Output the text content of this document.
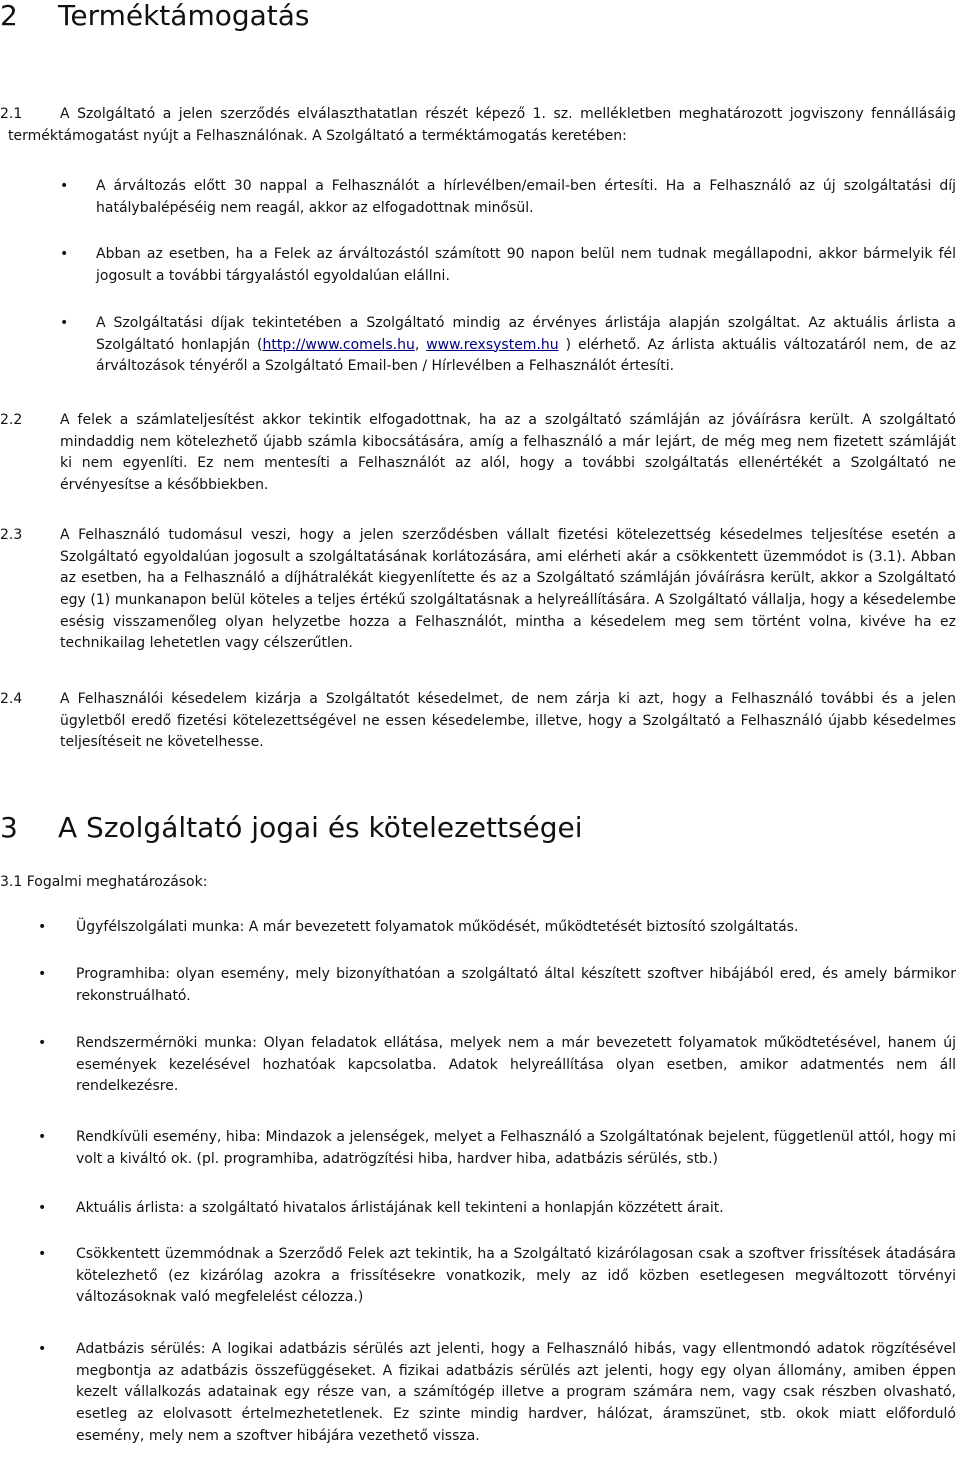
2 Terméktámogatás
2.1	A Szolgáltató a jelen szerződés elválaszthatatlan részét képező 1. sz. mellékletben meghatározott jogviszony fennállásáig terméktámogatást nyújt a Felhasználónak. A Szolgáltató a terméktámogatás keretében:
• A árváltozás előtt 30 nappal a Felhasználót a hírlevélben/email-ben értesíti. Ha a Felhasználó az új szolgáltatási díj hatálybalépéséig nem reagál, akkor az elfogadottnak minősül.
• Abban az esetben, ha a Felek az árváltozástól számított 90 napon belül nem tudnak megállapodni, akkor bármelyik fél jogosult a további tárgyalástól egyoldalúan elállni.
• A Szolgáltatási díjak tekintetében a Szolgáltató mindig az érvényes árlistája alapján szolgáltat. Az aktuális árlista a Szolgáltató honlapján (http://www.comels.hu, www.rexsystem.hu ) elérhető. Az árlista aktuális változatáról nem, de az árváltozások tényéről a Szolgáltató Email-ben / Hírlevélben a Felhasználót értesíti.
2.2	A felek a számlateljesítést akkor tekintik elfogadottnak, ha az a szolgáltató számláján az jóváírásra került. A szolgáltató mindaddig nem kötelezhető újabb számla kibocsátására, amíg a felhasználó a már lejárt, de még meg nem fizetett számláját ki nem egyenlíti. Ez nem mentesíti a Felhasználót az alól, hogy a további szolgáltatás ellenértékét a Szolgáltató ne érvényesítse a későbbiekben.
2.3	A Felhasználó tudomásul veszi, hogy a jelen szerződésben vállalt fizetési kötelezettség késedelmes teljesítése esetén a Szolgáltató egyoldalúan jogosult a szolgáltatásának korlátozására, ami elérheti akár a csökkentett üzemmódot is (3.1). Abban az esetben, ha a Felhasználó a díjhátralékát kiegyenlítette és az a Szolgáltató számláján jóváírásra került, akkor a Szolgáltató egy (1) munkanapon belül köteles a teljes értékű szolgáltatásnak a helyreállítására. A Szolgáltató vállalja, hogy a késedelembe esésig visszamenőleg olyan helyzetbe hozza a Felhasználót, mintha a késedelem meg sem történt volna, kivéve ha ez technikailag lehetetlen vagy célszerűtlen.
2.4	A Felhasználói késedelem kizárja a Szolgáltatót késedelmet, de nem zárja ki azt, hogy a Felhasználó további és a jelen ügyletből eredő fizetési kötelezettségével ne essen késedelembe, illetve, hogy a Szolgáltató a Felhasználó újabb késedelmes teljesítéseit ne követelhesse.
3 A Szolgáltató jogai és kötelezettségei
3.1 Fogalmi meghatározások:
• Ügyfélszolgálati munka: A már bevezetett folyamatok működését, működtetését biztosító szolgáltatás.
• Programhiba: olyan esemény, mely bizonyíthatóan a szolgáltató által készített szoftver hibájából ered, és amely bármikor rekonstruálható.
• Rendszermérnöki munka: Olyan feladatok ellátása, melyek nem a már bevezetett folyamatok működtetésével, hanem új események kezelésével hozhatóak kapcsolatba. Adatok helyreállítása olyan esetben, amikor adatmentés nem áll rendelkezésre.
• Rendkívüli esemény, hiba: Mindazok a jelenségek, melyet a Felhasználó a Szolgáltatónak bejelent, függetlenül attól, hogy mi volt a kiváltó ok. (pl. programhiba, adatrögzítési hiba, hardver hiba, adatbázis sérülés, stb.)
• Aktuális árlista: a szolgáltató hivatalos árlistájának kell tekinteni a honlapján közzétett árait.
• Csökkentett üzemmódnak a Szerződő Felek azt tekintik, ha a Szolgáltató kizárólagosan csak a szoftver frissítések átadására kötelezhető (ez kizárólag azokra a frissítésekre vonatkozik, mely az idő közben esetlegesen megváltozott törvényi változásoknak való megfelelést célozza.)
• Adatbázis sérülés: A logikai adatbázis sérülés azt jelenti, hogy a Felhasználó hibás, vagy ellentmondó adatok rögzítésével megbontja az adatbázis összefüggéseket. A fizikai adatbázis sérülés azt jelenti, hogy egy olyan állomány, amiben éppen kezelt vállalkozás adatainak egy része van, a számítógép illetve a program számára nem, vagy csak részben olvasható, esetleg az elolvasott értelmezhetetlenek. Ez szinte mindig hardver, hálózat, áramszünet, stb. okok miatt előforduló esemény, mely nem a szoftver hibájára vezethető vissza.
